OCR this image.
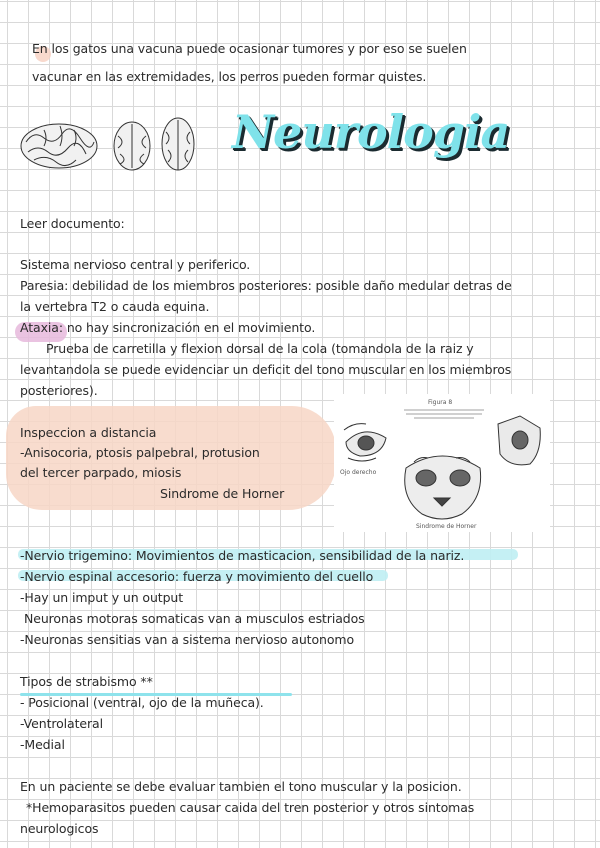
En los gatos una vacuna puede ocasionar tumores y por eso se suelen
vacunar en las extremidades, los perros pueden formar quistes.
Neurologia
Leer documento:
Sistema nervioso central y periferico.
Paresia: debilidad de los miembros posteriores: posible daño medular detras de
la vertebra T2 o cauda equina.
Ataxia: no hay sincronización en el movimiento.
Prueba de carretilla y flexion dorsal de la cola (tomandola de la raiz y
levantandola se puede evidenciar un deficit del tono muscular en los miembros
posteriores).
Inspeccion a distancia
-Anisocoria, ptosis palpebral, protusion
del tercer parpado, miosis
Sindrome de Horner
Figura 8
Ojo derecho
Sindrome de Horner
-Nervio trigemino: Movimientos de masticacion, sensibilidad de la nariz.
-Nervio espinal accesorio: fuerza y movimiento del cuello
-Hay un imput y un output
Neuronas motoras somaticas van a musculos estriados
-Neuronas sensitias van a sistema nervioso autonomo
Tipos de strabismo **
- Posicional (ventral, ojo de la muñeca).
-Ventrolateral
-Medial
En un paciente se debe evaluar tambien el tono muscular y la posicion.
*Hemoparasitos pueden causar caida del tren posterior y otros sintomas
neurologicos
